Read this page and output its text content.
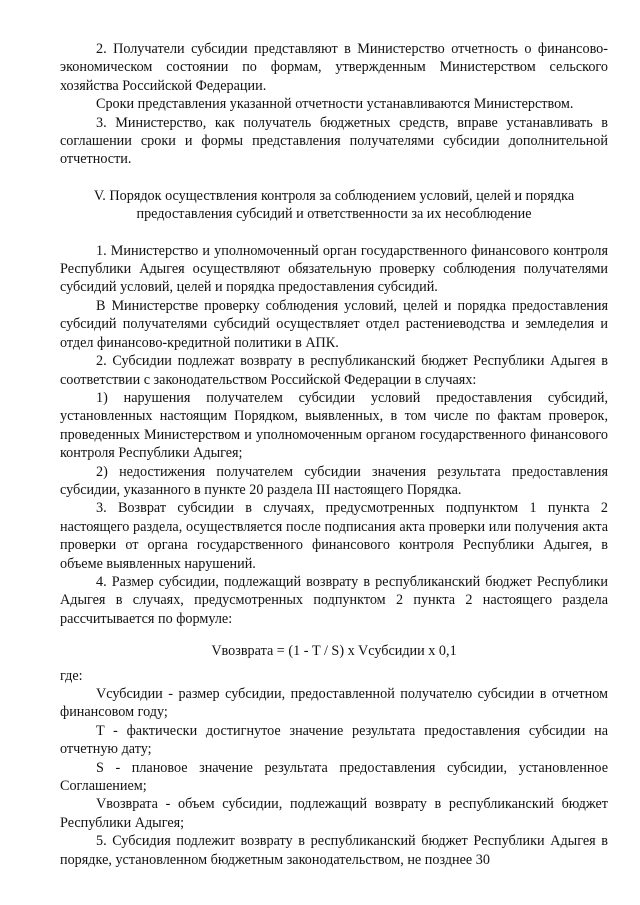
2. Получатели субсидии представляют в Министерство отчетность о финансово-экономическом состоянии по формам, утвержденным Министерством сельского хозяйства Российской Федерации.

Сроки представления указанной отчетности устанавливаются Министерством.

3. Министерство, как получатель бюджетных средств, вправе устанавливать в соглашении сроки и формы представления получателями субсидии дополнительной отчетности.

V. Порядок осуществления контроля за соблюдением условий, целей и порядка предоставления субсидий и ответственности за их несоблюдение

1. Министерство и уполномоченный орган государственного финансового контроля Республики Адыгея осуществляют обязательную проверку соблюдения получателями субсидий условий, целей и порядка предоставления субсидий.

В Министерстве проверку соблюдения условий, целей и порядка предоставления субсидий получателями субсидий осуществляет отдел растениеводства и земледелия и отдел финансово-кредитной политики в АПК.

2. Субсидии подлежат возврату в республиканский бюджет Республики Адыгея в соответствии с законодательством Российской Федерации в случаях:

1) нарушения получателем субсидии условий предоставления субсидий, установленных настоящим Порядком, выявленных, в том числе по фактам проверок, проведенных Министерством и уполномоченным органом государственного финансового контроля Республики Адыгея;

2) недостижения получателем субсидии значения результата предоставления субсидии, указанного в пункте 20 раздела III настоящего Порядка.

3. Возврат субсидии в случаях, предусмотренных подпунктом 1 пункта 2 настоящего раздела, осуществляется после подписания акта проверки или получения акта проверки от органа государственного финансового контроля Республики Адыгея, в объеме выявленных нарушений.

4. Размер субсидии, подлежащий возврату в республиканский бюджет Республики Адыгея в случаях, предусмотренных подпунктом 2 пункта 2 настоящего раздела рассчитывается по формуле:

Vвозврата = (1 - T / S) x Vсубсидии x 0,1

где:

Vсубсидии - размер субсидии, предоставленной получателю субсидии в отчетном финансовом году;

T - фактически достигнутое значение результата предоставления субсидии на отчетную дату;

S - плановое значение результата предоставления субсидии, установленное Соглашением;

Vвозврата - объем субсидии, подлежащий возврату в республиканский бюджет Республики Адыгея;

5. Субсидия подлежит возврату в республиканский бюджет Республики Адыгея в порядке, установленном бюджетным законодательством, не позднее 30
